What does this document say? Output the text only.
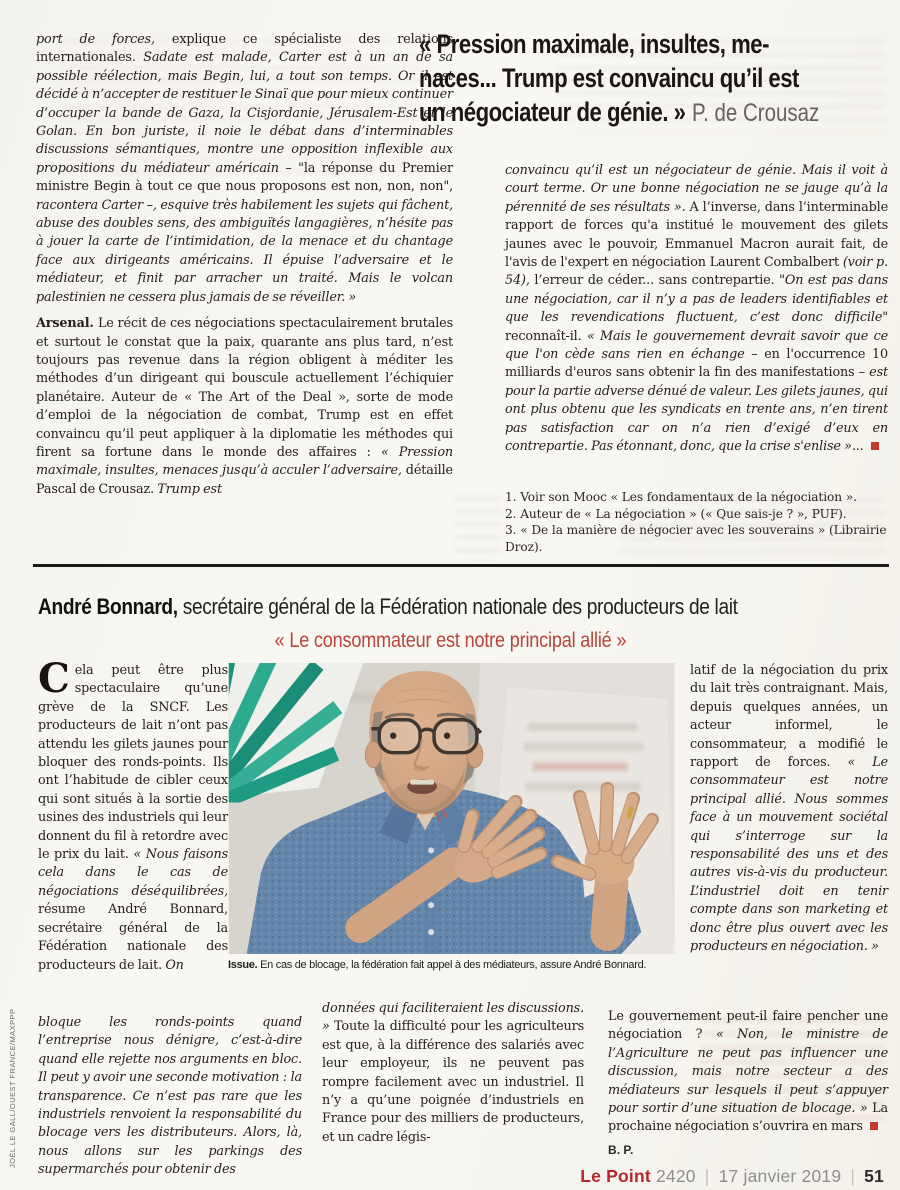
port de forces, explique ce spécialiste des relations internationales. Sadate est malade, Carter est à un an de sa possible réélection, mais Begin, lui, a tout son temps. Or il est décidé à n’accepter de restituer le Sinaï que pour mieux continuer d’occuper la bande de Gaza, la Cisjordanie, Jérusalem-Est et le Golan. En bon juriste, il noie le débat dans d’interminables discussions sémantiques, montre une opposition inflexible aux propositions du médiateur américain – "la réponse du Premier ministre Begin à tout ce que nous proposons est non, non, non", racontera Carter –, esquive très habilement les sujets qui fâchent, abuse des doubles sens, des ambiguïtés langagières, n’hésite pas à jouer la carte de l’intimidation, de la menace et du chantage face aux dirigeants américains. Il épuise l’adversaire et le médiateur, et finit par arracher un traité. Mais le volcan palestinien ne cessera plus jamais de se réveiller. »

Arsenal. Le récit de ces négociations spectaculairement brutales et surtout le constat que la paix, quarante ans plus tard, n’est toujours pas revenue dans la région obligent à méditer les méthodes d’un dirigeant qui bouscule actuellement l’échiquier planétaire. Auteur de « The Art of the Deal », sorte de mode d’emploi de la négociation de combat, Trump est en effet convaincu qu’il peut appliquer à la diplomatie les méthodes qui firent sa fortune dans le monde des affaires : « Pression maximale, insultes, menaces jusqu’à acculer l’adversaire, détaille Pascal de Crousaz. Trump est

« Pression maximale, insultes, me-
naces... Trump est convaincu qu’il est
un négociateur de génie. » P. de Crousaz

convaincu qu’il est un négociateur de génie. Mais il voit à court terme. Or une bonne négociation ne se jauge qu’à la pérennité de ses résultats ». A l’inverse, dans l’interminable rapport de forces qu'a institué le mouvement des gilets jaunes avec le pouvoir, Emmanuel Macron aurait fait, de l'avis de l'expert en négociation Laurent Combalbert (voir p. 54), l’erreur de céder... sans contrepartie. "On est pas dans une négociation, car il n’y a pas de leaders identifiables et que les revendications fluctuent, c’est donc difficile" reconnaît-il. « Mais le gouvernement devrait savoir que ce que l'on cède sans rien en échange – en l'occurrence 10 milliards d'euros sans obtenir la fin des manifestations – est pour la partie adverse dénué de valeur. Les gilets jaunes, qui ont plus obtenu que les syndicats en trente ans, n’en tirent pas satisfaction car on n’a rien d’exigé d’eux en contrepartie. Pas étonnant, donc, que la crise s'enlise »...

1. Voir son Mooc « Les fondamentaux de la négociation ».
2. Auteur de « La négociation » (« Que sais-je ? », PUF).
3. « De la manière de négocier avec les souverains » (Librairie Droz).
André Bonnard, secrétaire général de la Fédération nationale des producteurs de lait
« Le consommateur est notre principal allié »

Cela peut être plus spectaculaire qu’une grève de la SNCF. Les producteurs de lait n’ont pas attendu les gilets jaunes pour bloquer des ronds-points. Ils ont l’habitude de cibler ceux qui sont situés à la sortie des usines des industriels qui leur donnent du fil à retordre avec le prix du lait. « Nous faisons cela dans le cas de négociations déséquilibrées, résume André Bonnard, secrétaire général de la Fédération nationale des producteurs de lait. On

bloque les ronds-points quand l’entreprise nous dénigre, c’est-à-dire quand elle rejette nos arguments en bloc. Il peut y avoir une seconde motivation : la transparence. Ce n’est pas rare que les industriels renvoient la responsabilité du blocage vers les distributeurs. Alors, là, nous allons sur les parkings des supermarchés pour obtenir des

données qui faciliteraient les discussions. » Toute la difficulté pour les agriculteurs est que, à la différence des salariés avec leur employeur, ils ne peuvent pas rompre facilement avec un industriel. Il n’y a qu’une poignée d’industriels en France pour des milliers de producteurs, et un cadre légis-

latif de la négociation du prix du lait très contraignant. Mais, depuis quelques années, un acteur informel, le consommateur, a modifié le rapport de forces. « Le consommateur est notre principal allié. Nous sommes face à un mouvement sociétal qui s’interroge sur la responsabilité des uns et des autres vis-à-vis du producteur. L’industriel doit en tenir compte dans son marketing et donc être plus ouvert avec les producteurs en négociation. »

Le gouvernement peut-il faire pencher une négociation ? « Non, le ministre de l’Agriculture ne peut pas influencer une discussion, mais notre secteur a des médiateurs sur lesquels il peut s’appuyer pour sortir d’une situation de blocage. » La prochaine négociation s’ouvrira en mars

B. P.
Issue. En cas de blocage, la fédération fait appel à des médiateurs, assure André Bonnard.
JOËL LE GALL/OUEST FRANCE/MAXPPP
Le Point 2420 | 17 janvier 2019 | 51
